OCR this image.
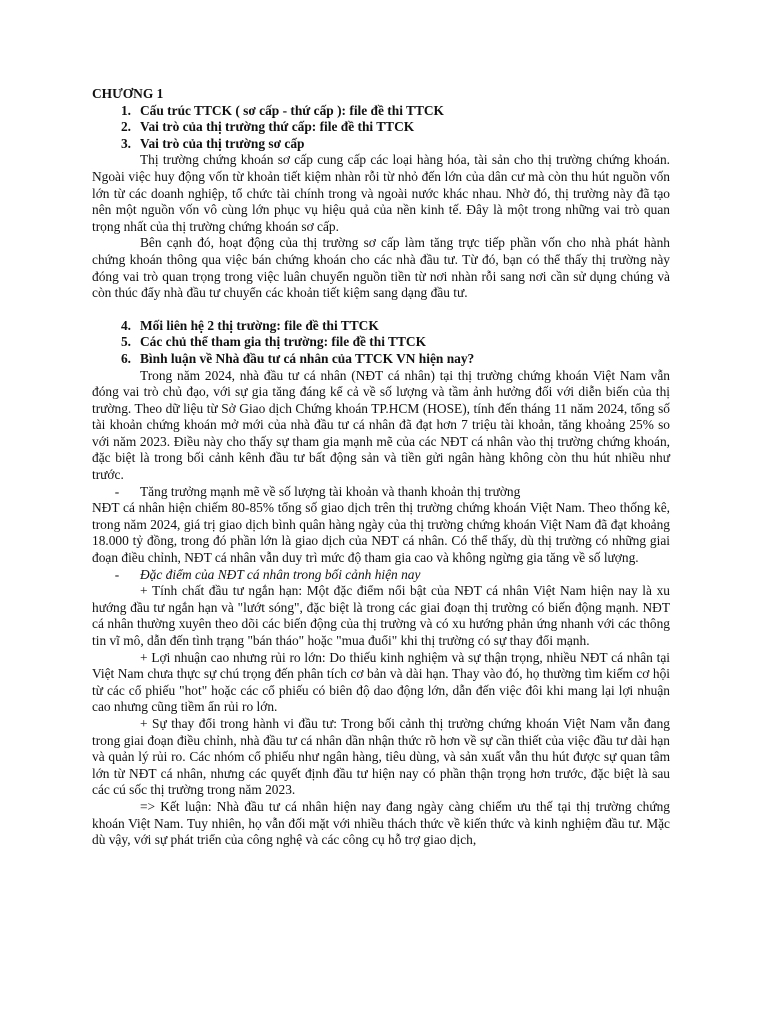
CHƯƠNG 1

1. Cấu trúc TTCK ( sơ cấp - thứ cấp ): file đề thi TTCK
2. Vai trò của thị trường thứ cấp: file đề thi TTCK
3. Vai trò của thị trường sơ cấp

Thị trường chứng khoán sơ cấp cung cấp các loại hàng hóa, tài sản cho thị trường chứng khoán. Ngoài việc huy động vốn từ khoản tiết kiệm nhàn rỗi từ nhỏ đến lớn của dân cư mà còn thu hút nguồn vốn lớn từ các doanh nghiệp, tổ chức tài chính trong và ngoài nước khác nhau. Nhờ đó, thị trường này đã tạo nên một nguồn vốn vô cùng lớn phục vụ hiệu quả của nền kinh tế. Đây là một trong những vai trò quan trọng nhất của thị trường chứng khoán sơ cấp.

Bên cạnh đó, hoạt động của thị trường sơ cấp làm tăng trực tiếp phần vốn cho nhà phát hành chứng khoán thông qua việc bán chứng khoán cho các nhà đầu tư. Từ đó, bạn có thể thấy thị trường này đóng vai trò quan trọng trong việc luân chuyển nguồn tiền từ nơi nhàn rỗi sang nơi cần sử dụng chúng và còn thúc đẩy nhà đầu tư chuyển các khoản tiết kiệm sang dạng đầu tư.

4. Mối liên hệ 2 thị trường: file đề thi TTCK
5. Các chủ thể tham gia thị trường: file đề thi TTCK
6. Bình luận về Nhà đầu tư cá nhân của TTCK VN hiện nay?

Trong năm 2024, nhà đầu tư cá nhân (NĐT cá nhân) tại thị trường chứng khoán Việt Nam vẫn đóng vai trò chủ đạo, với sự gia tăng đáng kể cả về số lượng và tầm ảnh hưởng đối với diễn biến của thị trường. Theo dữ liệu từ Sở Giao dịch Chứng khoán TP.HCM (HOSE), tính đến tháng 11 năm 2024, tổng số tài khoản chứng khoán mở mới của nhà đầu tư cá nhân đã đạt hơn 7 triệu tài khoản, tăng khoảng 25% so với năm 2023. Điều này cho thấy sự tham gia mạnh mẽ của các NĐT cá nhân vào thị trường chứng khoán, đặc biệt là trong bối cảnh kênh đầu tư bất động sản và tiền gửi ngân hàng không còn thu hút nhiều như trước.

-	Tăng trưởng mạnh mẽ về số lượng tài khoản và thanh khoản thị trường

NĐT cá nhân hiện chiếm 80-85% tổng số giao dịch trên thị trường chứng khoán Việt Nam. Theo thống kê, trong năm 2024, giá trị giao dịch bình quân hàng ngày của thị trường chứng khoán Việt Nam đã đạt khoảng 18.000 tỷ đồng, trong đó phần lớn là giao dịch của NĐT cá nhân. Có thể thấy, dù thị trường có những giai đoạn điều chỉnh, NĐT cá nhân vẫn duy trì mức độ tham gia cao và không ngừng gia tăng về số lượng.

-	Đặc điểm của NĐT cá nhân trong bối cảnh hiện nay

+ Tính chất đầu tư ngắn hạn: Một đặc điểm nổi bật của NĐT cá nhân Việt Nam hiện nay là xu hướng đầu tư ngắn hạn và "lướt sóng", đặc biệt là trong các giai đoạn thị trường có biến động mạnh. NĐT cá nhân thường xuyên theo dõi các biến động của thị trường và có xu hướng phản ứng nhanh với các thông tin vĩ mô, dẫn đến tình trạng "bán tháo" hoặc "mua đuổi" khi thị trường có sự thay đổi mạnh.

+ Lợi nhuận cao nhưng rủi ro lớn: Do thiếu kinh nghiệm và sự thận trọng, nhiều NĐT cá nhân tại Việt Nam chưa thực sự chú trọng đến phân tích cơ bản và dài hạn. Thay vào đó, họ thường tìm kiếm cơ hội từ các cổ phiếu "hot" hoặc các cổ phiếu có biên độ dao động lớn, dẫn đến việc đôi khi mang lại lợi nhuận cao nhưng cũng tiềm ẩn rủi ro lớn.

+ Sự thay đổi trong hành vi đầu tư: Trong bối cảnh thị trường chứng khoán Việt Nam vẫn đang trong giai đoạn điều chỉnh, nhà đầu tư cá nhân dần nhận thức rõ hơn về sự cần thiết của việc đầu tư dài hạn và quản lý rủi ro. Các nhóm cổ phiếu như ngân hàng, tiêu dùng, và sản xuất vẫn thu hút được sự quan tâm lớn từ NĐT cá nhân, nhưng các quyết định đầu tư hiện nay có phần thận trọng hơn trước, đặc biệt là sau các cú sốc thị trường trong năm 2023.

=> Kết luận: Nhà đầu tư cá nhân hiện nay đang ngày càng chiếm ưu thế tại thị trường chứng khoán Việt Nam. Tuy nhiên, họ vẫn đối mặt với nhiều thách thức về kiến thức và kinh nghiệm đầu tư. Mặc dù vậy, với sự phát triển của công nghệ và các công cụ hỗ trợ giao dịch,
